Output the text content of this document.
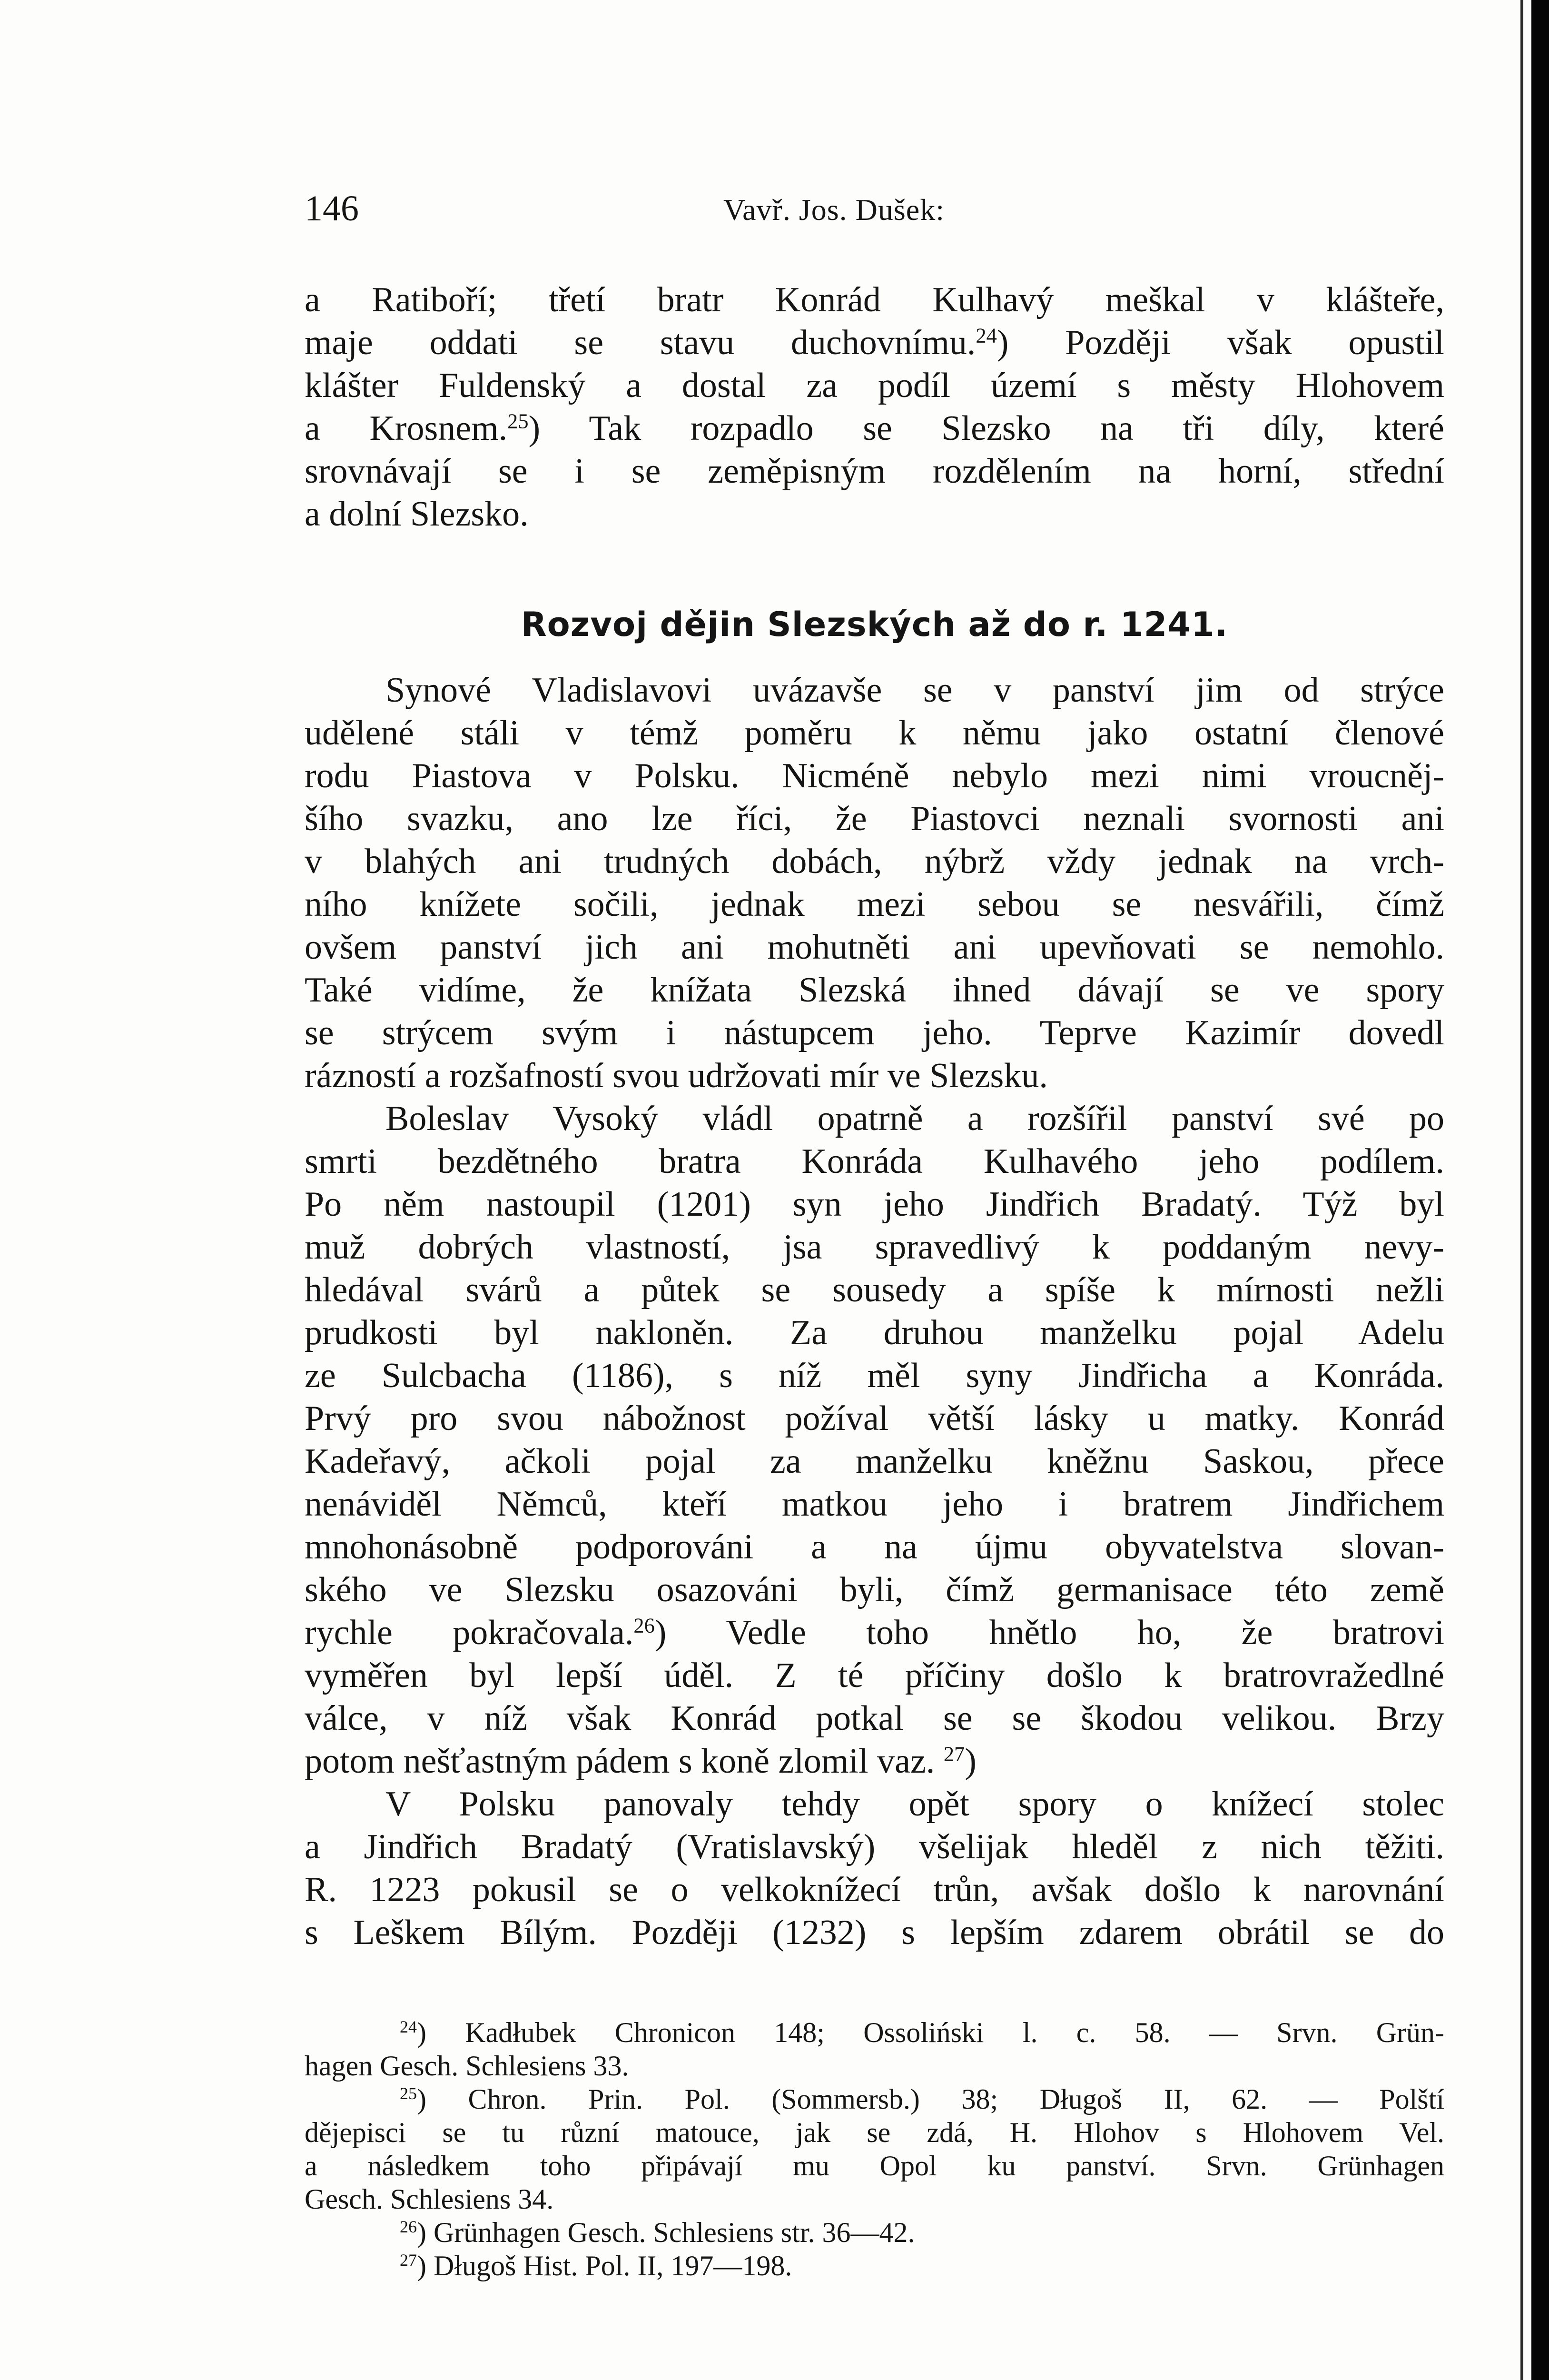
146	Vavř. Jos. Dušek:
a Ratiboří; třetí bratr Konrád Kulhavý meškal v klášteře,
maje oddati se stavu duchovnímu.$^{24}$) Později však opustil
klášter Fuldenský a dostal za podíl území s městy Hlohovem
a Krosnem.$^{25}$) Tak rozpadlo se Slezsko na tři díly, které
srovnávají se i se zeměpisným rozdělením na horní, střední
a dolní Slezsko.
Rozvoj dějin Slezských až do r. 1241.
Synové Vladislavovi uvázavše se v panství jim od strýce
udělené stáli v témž poměru k němu jako ostatní členové
rodu Piastova v Polsku. Nicméně nebylo mezi nimi vroucněj-
šího svazku, ano lze říci, že Piastovci neznali svornosti ani
v blahých ani trudných dobách, nýbrž vždy jednak na vrch-
ního knížete sočili, jednak mezi sebou se nesvářili, čímž
ovšem panství jich ani mohutněti ani upevňovati se nemohlo.
Také vidíme, že knížata Slezská ihned dávají se ve spory
se strýcem svým i nástupcem jeho. Teprve Kazimír dovedl
rázností a rozšafností svou udržovati mír ve Slezsku.
Boleslav Vysoký vládl opatrně a rozšířil panství své po
smrti bezdětného bratra Konráda Kulhavého jeho podílem.
Po něm nastoupil (1201) syn jeho Jindřich Bradatý. Týž byl
muž dobrých vlastností, jsa spravedlivý k poddaným nevy-
hledával svárů a půtek se sousedy a spíše k mírnosti nežli
prudkosti byl nakloněn. Za druhou manželku pojal Adelu
ze Sulcbacha (1186), s níž měl syny Jindřicha a Konráda.
Prvý pro svou nábožnost požíval větší lásky u matky. Konrád
Kadeřavý, ačkoli pojal za manželku kněžnu Saskou, přece
nenáviděl Němců, kteří matkou jeho i bratrem Jindřichem
mnohonásobně podporováni a na újmu obyvatelstva slovan-
ského ve Slezsku osazováni byli, čímž germanisace této země
rychle pokračovala.$^{26}$) Vedle toho hnětlo ho, že bratrovi
vyměřen byl lepší úděl. Z té příčiny došlo k bratrovražedlné
válce, v níž však Konrád potkal se se škodou velikou. Brzy
potom nešťastným pádem s koně zlomil vaz. $^{27}$)
V Polsku panovaly tehdy opět spory o knížecí stolec
a Jindřich Bradatý (Vratislavský) všelijak hleděl z nich těžiti.
R. 1223 pokusil se o velkoknížecí trůn, avšak došlo k narovnání
s Leškem Bílým. Později (1232) s lepším zdarem obrátil se do
$^{24}$) Kadłubek Chronicon 148; Ossoliński l. c. 58. — Srvn. Grün-
hagen Gesch. Schlesiens 33.
$^{25}$) Chron. Prin. Pol. (Sommersb.) 38; Długoš II, 62. — Polští
dějepisci se tu různí matouce, jak se zdá, H. Hlohov s Hlohovem Vel.
a následkem toho připávají mu Opol ku panství. Srvn. Grünhagen
Gesch. Schlesiens 34.
$^{26}$) Grünhagen Gesch. Schlesiens str. 36—42.
$^{27}$) Długoš Hist. Pol. II, 197—198.
